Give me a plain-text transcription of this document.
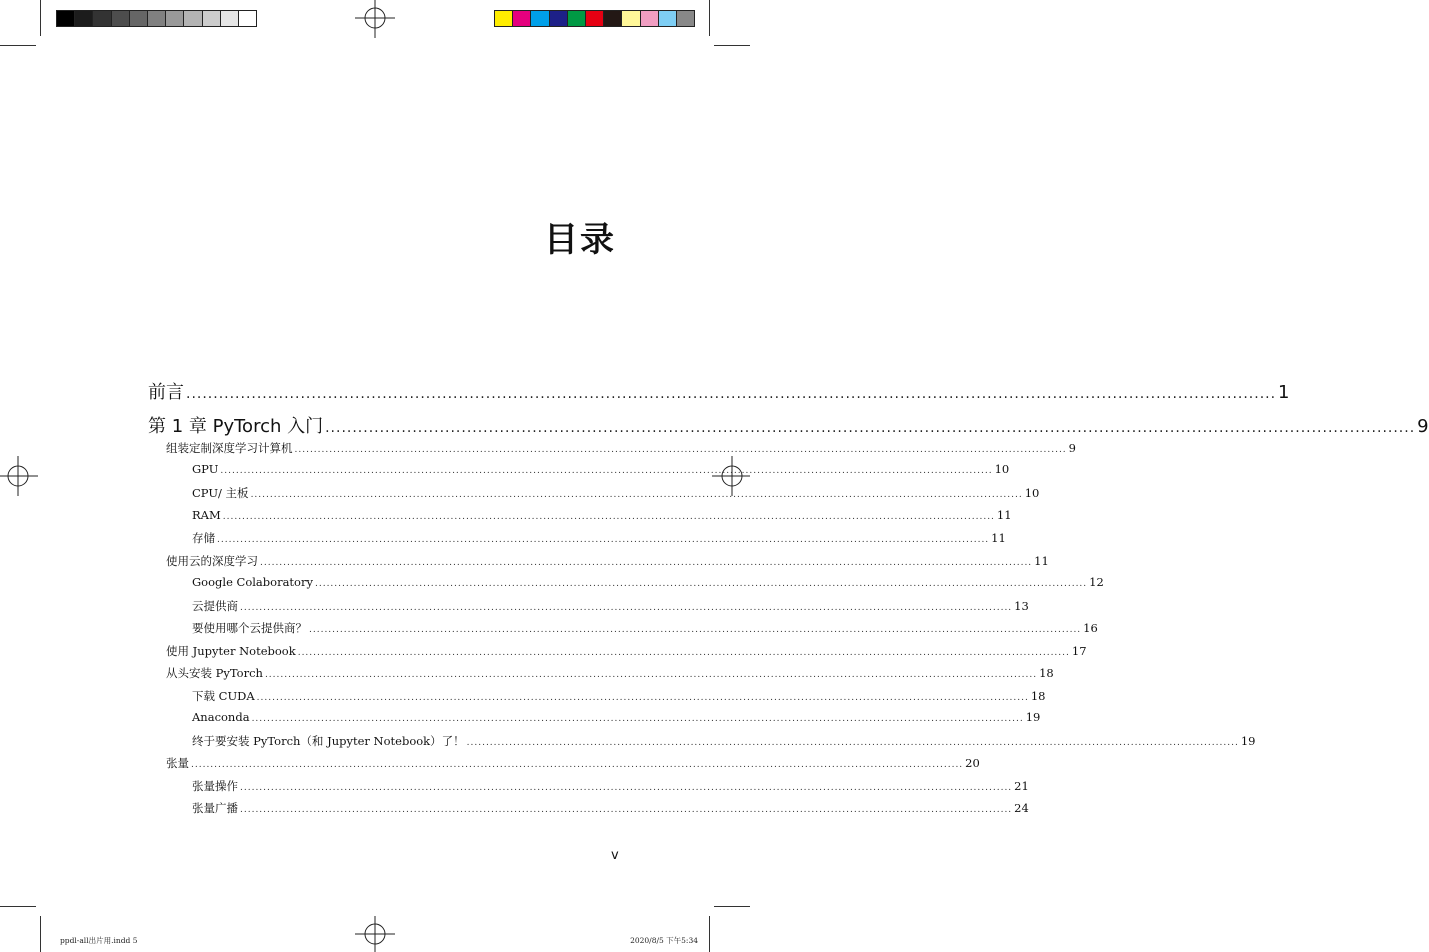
目录
前言 ........................................................................................................................................................................................................ 1
第 1 章 PyTorch 入门 ........................................................................................................................................................................................................ 9
组装定制深度学习计算机 ........................................................................................................................................................................................................ 9
GPU ........................................................................................................................................................................................................ 10
CPU/ 主板 ........................................................................................................................................................................................................ 10
RAM ........................................................................................................................................................................................................ 11
存储 ........................................................................................................................................................................................................ 11
使用云的深度学习 ........................................................................................................................................................................................................ 11
Google Colaboratory ........................................................................................................................................................................................................ 12
云提供商 ........................................................................................................................................................................................................ 13
要使用哪个云提供商？ ........................................................................................................................................................................................................ 16
使用 Jupyter Notebook ........................................................................................................................................................................................................ 17
从头安装 PyTorch ........................................................................................................................................................................................................ 18
下载 CUDA ........................................................................................................................................................................................................ 18
Anaconda ........................................................................................................................................................................................................ 19
终于要安装 PyTorch（和 Jupyter Notebook）了！ ........................................................................................................................................................................................................ 19
张量 ........................................................................................................................................................................................................ 20
张量操作 ........................................................................................................................................................................................................ 21
张量广播 ........................................................................................................................................................................................................ 24
v
ppdl-all出片用.indd 5	2020/8/5 下午5:34
